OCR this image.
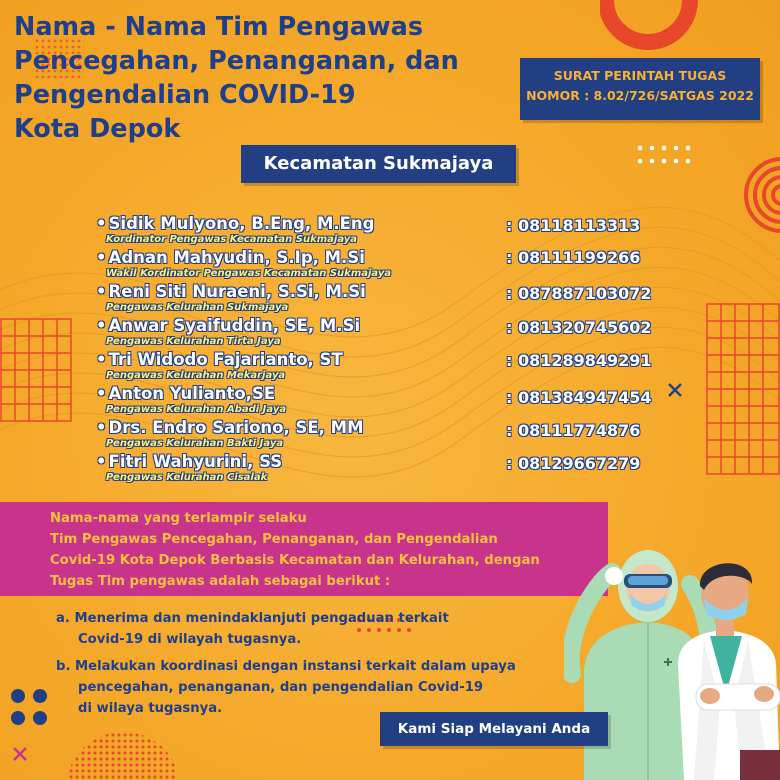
Nama - Nama Tim Pengawas
Pencegahan, Penanganan, dan
Pengendalian COVID-19
Kota Depok
SURAT PERINTAH TUGAS
NOMOR : 8.02/726/SATGAS 2022
Kecamatan Sukmajaya
• Sidik Mulyono, B.Eng, M.Eng
Kordinator Pengawas Kecamatan Sukmajaya
: 08118113313
• Adnan Mahyudin, S.Ip, M.Si
Wakil Kordinator Pengawas Kecamatan Sukmajaya
: 08111199266
• Reni Siti Nuraeni, S.Si, M.Si
Pengawas Kelurahan Sukmajaya
: 087887103072
• Anwar Syaifuddin, SE, M.Si
Pengawas Kelurahan Tirta Jaya
: 081320745602
• Tri Widodo Fajarianto, ST
Pengawas Kelurahan Mekarjaya
: 081289849291
• Anton Yulianto,SE
Pengawas Kelurahan Abadi Jaya
: 081384947454
• Drs. Endro Sariono, SE, MM
Pengawas Kelurahan Bakti Jaya
: 08111774876
• Fitri Wahyurini, SS
Pengawas Kelurahan Cisalak
: 08129667279
Nama-nama yang terlampir selaku
Tim Pengawas Pencegahan, Penanganan, dan Pengendalian
Covid-19 Kota Depok Berbasis Kecamatan dan Kelurahan, dengan
Tugas Tim pengawas adalah sebagai berikut :
a. Menerima dan menindaklanjuti pengaduan terkait
Covid-19 di wilayah tugasnya.
b. Melakukan koordinasi dengan instansi terkait dalam upaya
pencegahan, penanganan, dan pengendalian Covid-19
di wilaya tugasnya.
Kami Siap Melayani Anda
